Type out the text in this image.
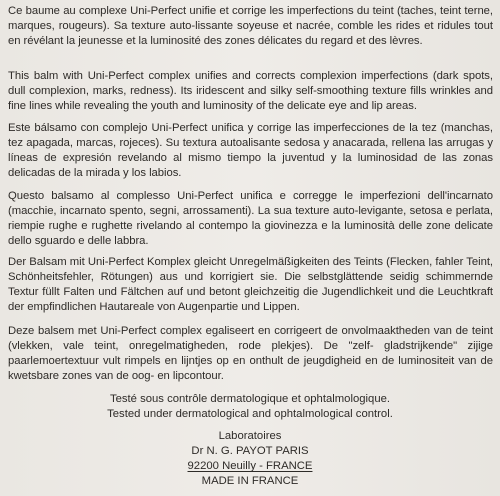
Ce baume au complexe Uni-Perfect unifie et corrige les imperfections du teint (taches, teint terne, marques, rougeurs). Sa texture auto-lissante soyeuse et nacrée, comble les rides et ridules tout en révélant la jeunesse et la luminosité des zones délicates du regard et des lèvres.

This balm with Uni-Perfect complex unifies and corrects complexion imperfections (dark spots, dull complexion, marks, redness). Its iridescent and silky self-smoothing texture fills wrinkles and fine lines while revealing the youth and luminosity of the delicate eye and lip areas.

Este bálsamo con complejo Uni-Perfect unifica y corrige las imperfecciones de la tez (manchas, tez apagada, marcas, rojeces). Su textura autoalisante sedosa y anacarada, rellena las arrugas y líneas de expresión revelando al mismo tiempo la juventud y la luminosidad de las zonas delicadas de la mirada y los labios.

Questo balsamo al complesso Uni-Perfect unifica e corregge le imperfezioni dell'incarnato (macchie, incarnato spento, segni, arrossamenti). La sua texture auto-levigante, setosa e perlata, riempie rughe e rughette rivelando al contempo la giovinezza e la luminosità delle zone delicate dello sguardo e delle labbra.

Der Balsam mit Uni-Perfect Komplex gleicht Unregelmäßigkeiten des Teints (Flecken, fahler Teint, Schönheitsfehler, Rötungen) aus und korrigiert sie. Die selbstglättende seidig schimmernde Textur füllt Falten und Fältchen auf und betont gleichzeitig die Jugendlichkeit und die Leuchtkraft der empfindlichen Hautareale von Augenpartie und Lippen.

Deze balsem met Uni-Perfect complex egaliseert en corrigeert de onvolmaaktheden van de teint (vlekken, vale teint, onregelmatigheden, rode plekjes). De "zelf- gladstrijkende" zijige paarlemoertextuur vult rimpels en lijntjes op en onthult de jeugdigheid en de luminositeit van de kwetsbare zones van de oog- en lipcontour.

Testé sous contrôle dermatologique et ophtalmologique.
Tested under dermatological and ophtalmological control.
Laboratoires
Dr N. G. PAYOT PARIS
92200 Neuilly - FRANCE
MADE IN FRANCE
